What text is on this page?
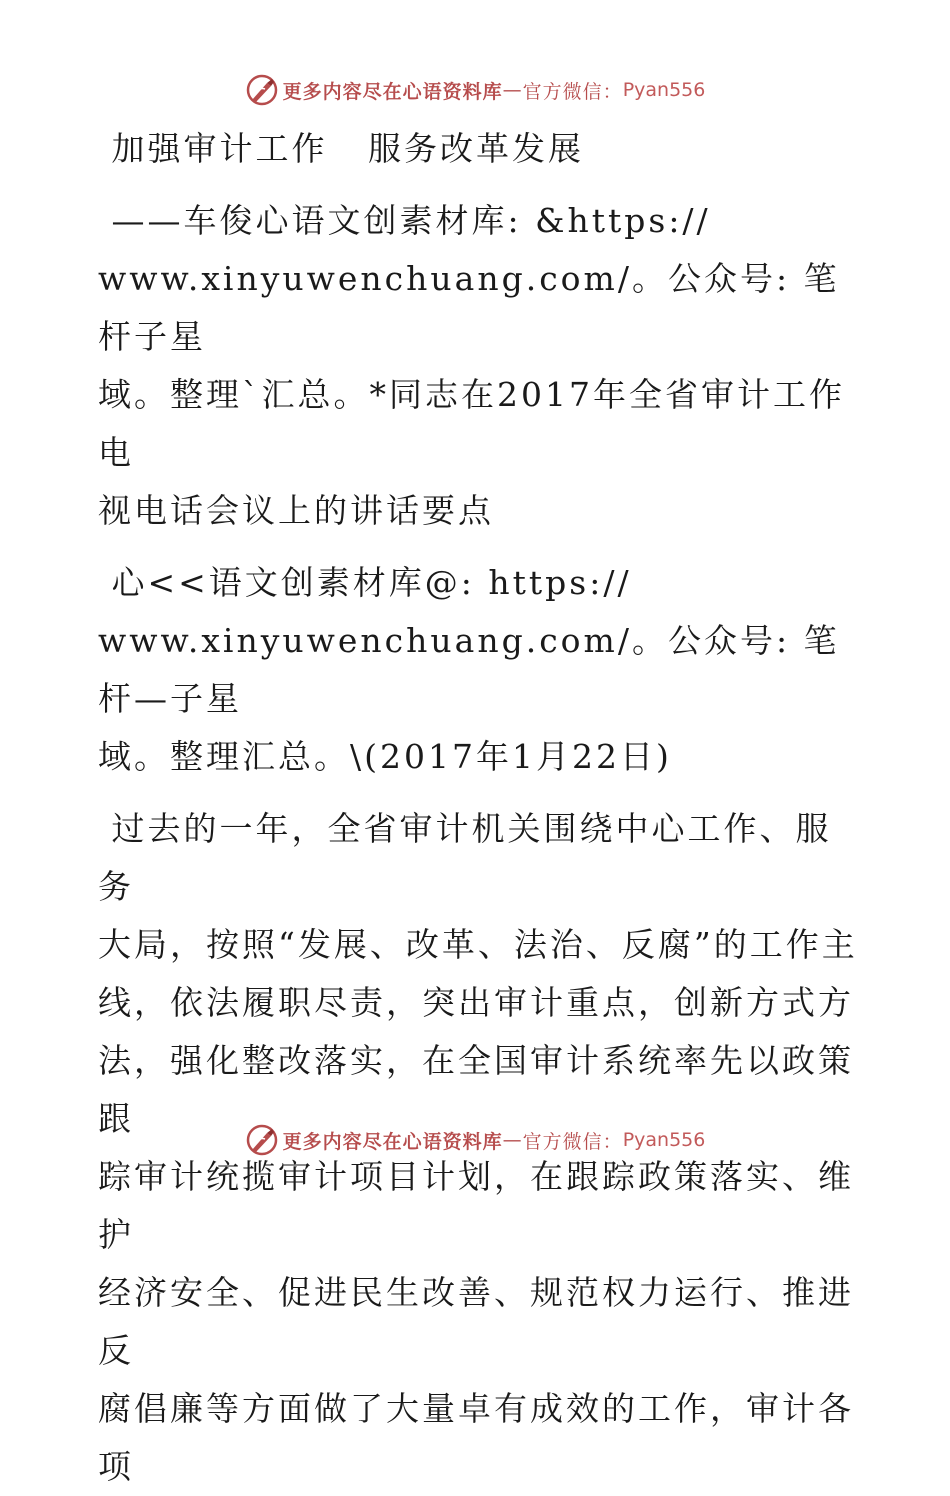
更多内容尽在心语资料库 — 官方微信： Pyan556

加强审计工作   服务改革发展

——车俊心语文创素材库: &https://

www.xinyuwenchuang.com/。公众号: 笔杆子星

域。整理`汇总。*同志在2017年全省审计工作电

视电话会议上的讲话要点

心<<语文创素材库@: https://

www.xinyuwenchuang.com/。公众号: 笔杆—子星

域。整理汇总。\(2017年1月22日)

过去的一年，全省审计机关围绕中心工作、服务

大局，按照“发展、改革、法治、反腐”的工作主

线，依法履职尽责，突出审计重点，创新方式方

法，强化整改落实，在全国审计系统率先以政策跟

踪审计统揽审计项目计划，在跟踪政策落实、维护

经济安全、促进民生改善、规范权力运行、推进反

腐倡廉等方面做了大量卓有成效的工作，审计各项

更多内容尽在心语资料库 — 官方微信： Pyan556
